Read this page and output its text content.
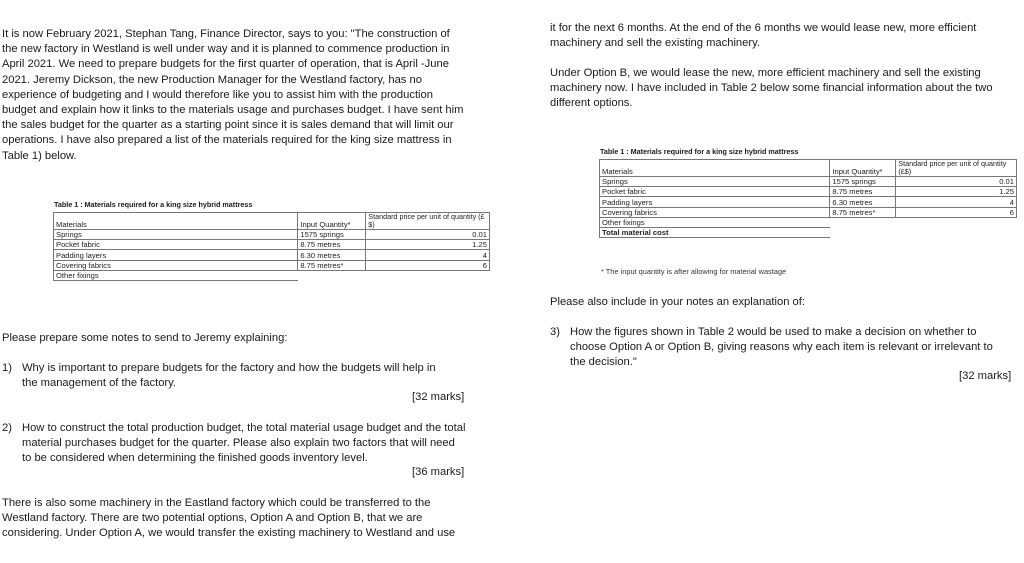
It is now February 2021, Stephan Tang, Finance Director, says to you: "The construction of the new factory in Westland is well under way and it is planned to commence production in April 2021. We need to prepare budgets for the first quarter of operation, that is April -June 2021. Jeremy Dickson, the new Production Manager for the Westland factory, has no experience of budgeting and I would therefore like you to assist him with the production budget and explain how it links to the materials usage and purchases budget. I have sent him the sales budget for the quarter as a starting point since it is sales demand that will limit our operations. I have also prepared a list of the materials required for the king size mattress in Table 1) below.

Table 1 : Materials required for a king size hybrid mattress
Materials	Input Quantity*	Standard price per unit of quantity (£$)

Springs	1575 springs	0.01
Pocket fabric	8.75 metres	1.25
Padding layers	6.30 metres	4
Covering fabrics	8.75 metres*	6
Other fixings		

Please prepare some notes to send to Jeremy explaining:

1) Why is important to prepare budgets for the factory and how the budgets will help in the management of the factory.

[32 marks]
2) How to construct the total production budget, the total material usage budget and the total material purchases budget for the quarter. Please also explain two factors that will need to be considered when determining the finished goods inventory level.

[36 marks]

There is also some machinery in the Eastland factory which could be transferred to the Westland factory. There are two potential options, Option A and Option B, that we are considering. Under Option A, we would transfer the existing machinery to Westland and use

it for the next 6 months. At the end of the 6 months we would lease new, more efficient machinery and sell the existing machinery.

Under Option B, we would lease the new, more efficient machinery and sell the existing machinery now. I have included in Table 2 below some financial information about the two different options.

Table 1 : Materials required for a king size hybrid mattress
Materials	Input Quantity*	Standard price per unit of quantity (£$)

Springs	1575 springs	0.01
Pocket fabric	8.75 metres	1.25
Padding layers	6.30 metres	4
Covering fabrics	8.75 metres*	6
Other fixings		
Total material cost		
* The input quantity is after allowing for material wastage

Please also include in your notes an explanation of:

3) How the figures shown in Table 2 would be used to make a decision on whether to choose Option A or Option B, giving reasons why each item is relevant or irrelevant to the decision."

[32 marks]
